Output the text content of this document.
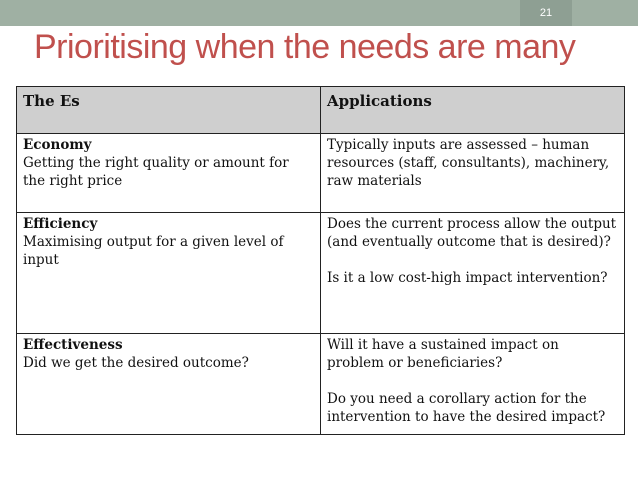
21
Prioritising when the needs are many
The Es	Applications

Economy
Getting the right quality or amount for the right price	Typically inputs are assessed – human resources (staff, consultants), machinery, raw materials

Efficiency
Maximising output for a given level of input	Does the current process allow the output (and eventually outcome that is desired)?
Is it a low cost-high impact intervention?

Effectiveness
Did we get the desired outcome?	Will it have a sustained impact on problem or beneficiaries?
Do you need a corollary action for the intervention to have the desired impact?
